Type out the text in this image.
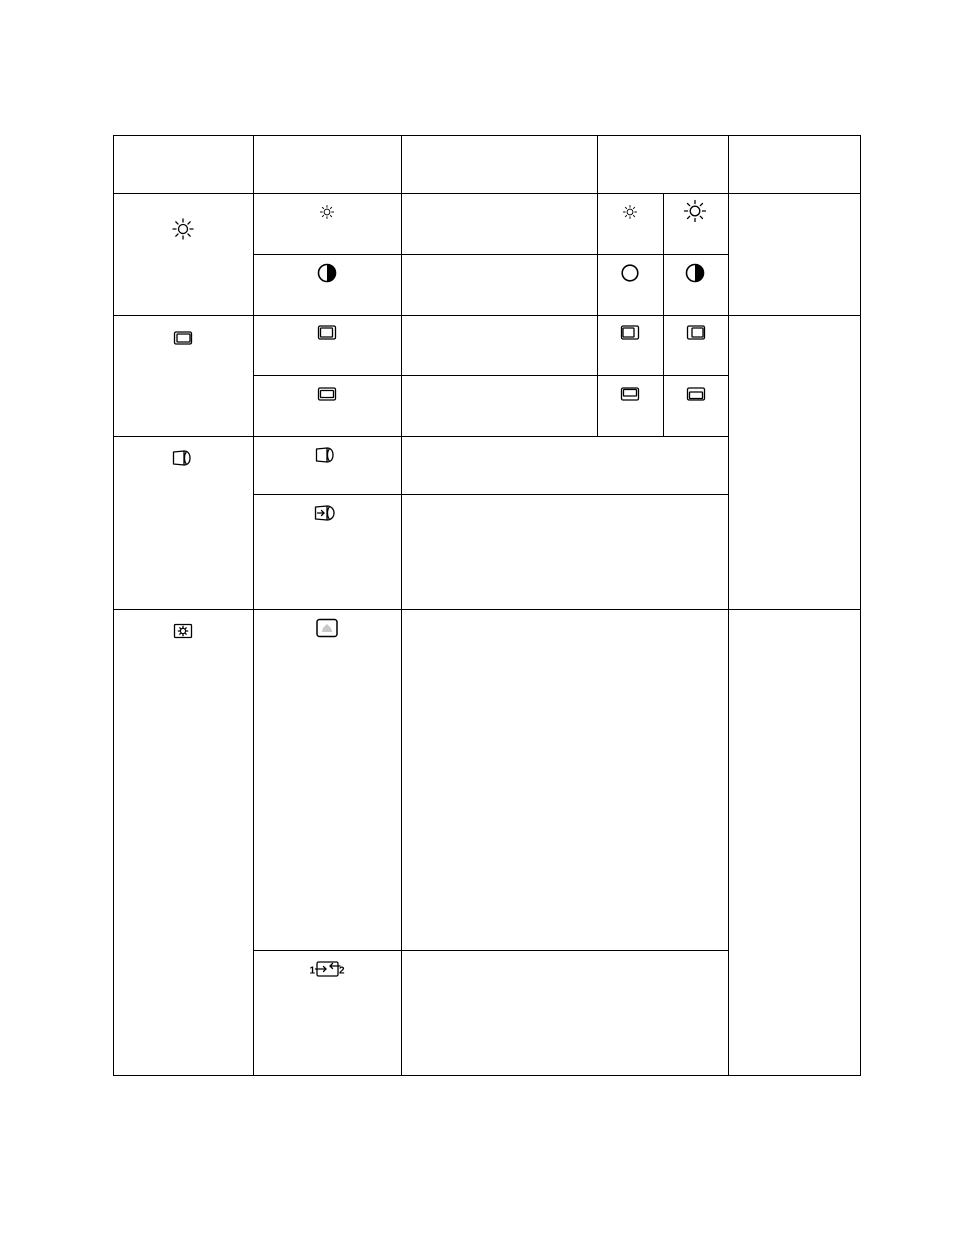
1 2
